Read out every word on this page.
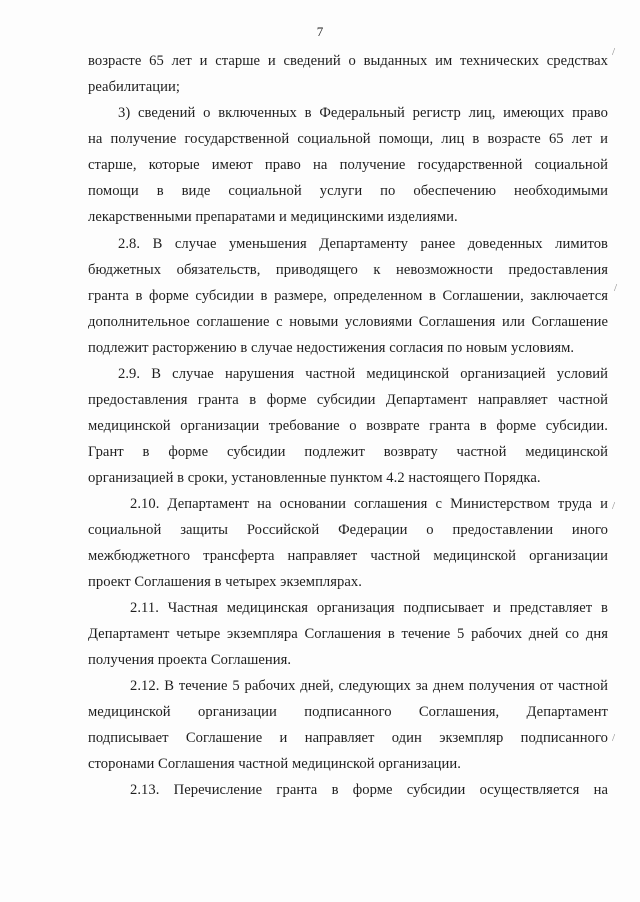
7
возрасте 65 лет и старше и сведений о выданных им технических средствах
реабилитации;
3) сведений о включенных в Федеральный регистр лиц, имеющих право
на получение государственной социальной помощи, лиц в возрасте 65 лет и
старше, которые имеют право на получение государственной социальной
помощи в виде социальной услуги по обеспечению необходимыми
лекарственными препаратами и медицинскими изделиями.
2.8. В случае уменьшения Департаменту ранее доведенных лимитов
бюджетных обязательств, приводящего к невозможности предоставления
гранта в форме субсидии в размере, определенном в Соглашении, заключается
дополнительное соглашение с новыми условиями Соглашения или Соглашение
подлежит расторжению в случае недостижения согласия по новым условиям.
2.9. В случае нарушения частной медицинской организацией условий
предоставления гранта в форме субсидии Департамент направляет частной
медицинской организации требование о возврате гранта в форме субсидии.
Грант в форме субсидии подлежит возврату частной медицинской
организацией в сроки, установленные пунктом 4.2 настоящего Порядка.
2.10. Департамент на основании соглашения с Министерством труда и
социальной защиты Российской Федерации о предоставлении иного
межбюджетного трансферта направляет частной медицинской организации
проект Соглашения в четырех экземплярах.
2.11. Частная медицинская организация подписывает и представляет в
Департамент четыре экземпляра Соглашения в течение 5 рабочих дней со дня
получения проекта Соглашения.
2.12. В течение 5 рабочих дней, следующих за днем получения от частной
медицинской организации подписанного Соглашения, Департамент
подписывает Соглашение и направляет один экземпляр подписанного
сторонами Соглашения частной медицинской организации.
2.13. Перечисление гранта в форме субсидии осуществляется на
/
/
/
/
